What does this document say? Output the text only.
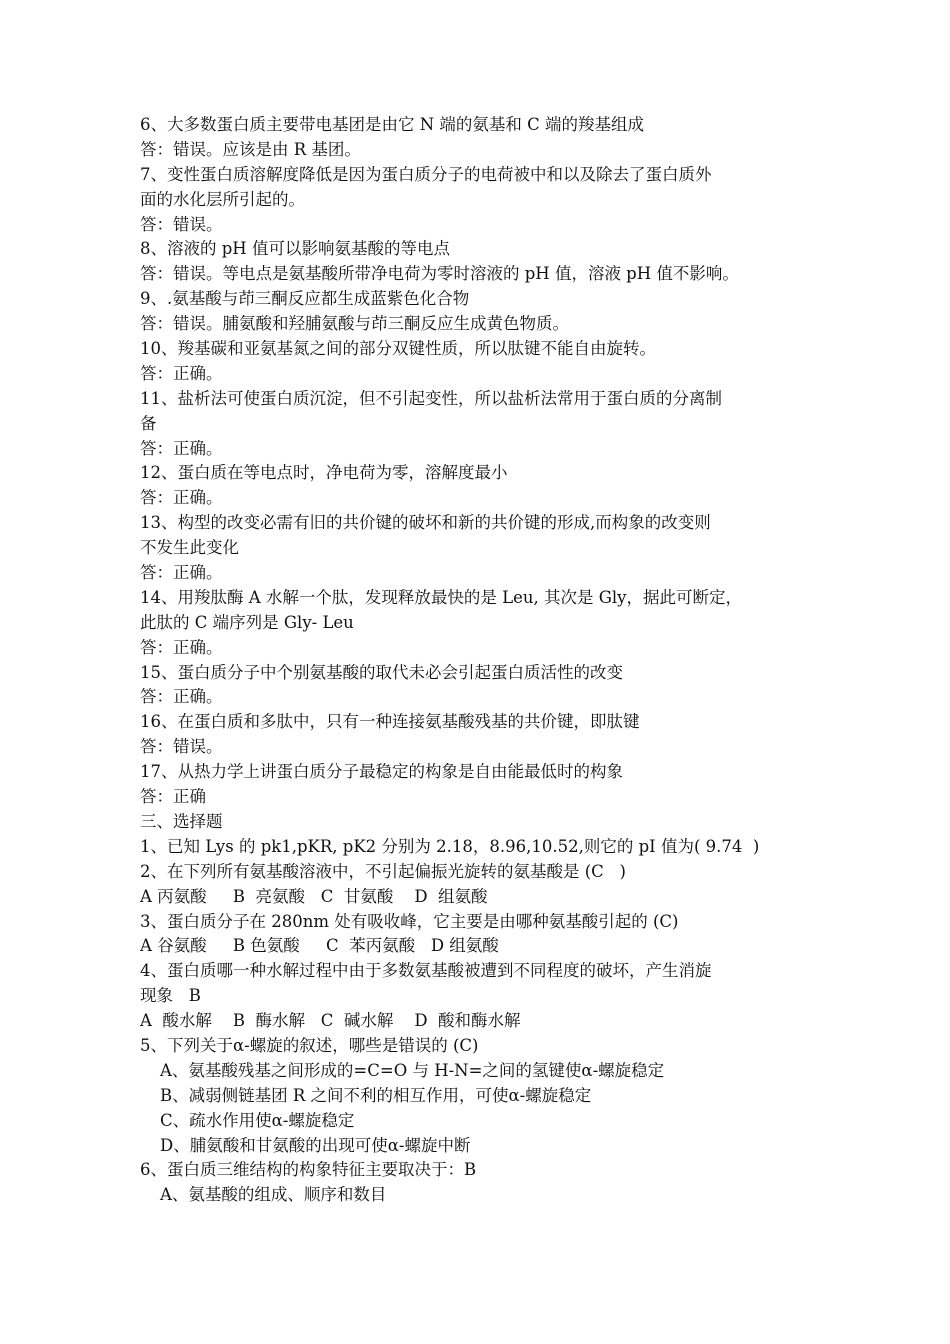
6、大多数蛋白质主要带电基团是由它 N 端的氨基和 C 端的羧基组成
答：错误。应该是由 R 基团。
7、变性蛋白质溶解度降低是因为蛋白质分子的电荷被中和以及除去了蛋白质外
面的水化层所引起的。
答：错误。
8、溶液的 pH 值可以影响氨基酸的等电点
答：错误。等电点是氨基酸所带净电荷为零时溶液的 pH 值，溶液 pH 值不影响。
9、.氨基酸与茚三酮反应都生成蓝紫色化合物
答：错误。脯氨酸和羟脯氨酸与茚三酮反应生成黄色物质。
10、羧基碳和亚氨基氮之间的部分双键性质，所以肽键不能自由旋转。
答：正确。
11、盐析法可使蛋白质沉淀，但不引起变性，所以盐析法常用于蛋白质的分离制
备
答：正确。
12、蛋白质在等电点时，净电荷为零，溶解度最小
答：正确。
13、构型的改变必需有旧的共价键的破坏和新的共价键的形成,而构象的改变则
不发生此变化
答：正确。
14、用羧肽酶 A 水解一个肽，发现释放最快的是 Leu, 其次是 Gly，据此可断定，
此肽的 C 端序列是 Gly- Leu
答：正确。
15、蛋白质分子中个别氨基酸的取代未必会引起蛋白质活性的改变
答：正确。
16、在蛋白质和多肽中，只有一种连接氨基酸残基的共价键，即肽键
答：错误。
17、从热力学上讲蛋白质分子最稳定的构象是自由能最低时的构象
答：正确
三、选择题
1、已知 Lys 的 pk1,pKR, pK2 分别为 2.18，8.96,10.52,则它的 pI 值为( 9.74  )
2、在下列所有氨基酸溶液中，不引起偏振光旋转的氨基酸是 (C   )
A 丙氨酸     B  亮氨酸   C  甘氨酸    D  组氨酸
3、蛋白质分子在 280nm 处有吸收峰，它主要是由哪种氨基酸引起的 (C)
A 谷氨酸     B 色氨酸     C  苯丙氨酸   D 组氨酸
4、蛋白质哪一种水解过程中由于多数氨基酸被遭到不同程度的破坏，产生消旋
现象   B
A  酸水解    B  酶水解   C  碱水解    D  酸和酶水解
5、下列关于α-螺旋的叙述，哪些是错误的 (C)
A、氨基酸残基之间形成的=C=O 与 H-N=之间的氢键使α-螺旋稳定
B、减弱侧链基团 R 之间不利的相互作用，可使α-螺旋稳定
C、疏水作用使α-螺旋稳定
D、脯氨酸和甘氨酸的出现可使α-螺旋中断
6、蛋白质三维结构的构象特征主要取决于：B
A、氨基酸的组成、顺序和数目
